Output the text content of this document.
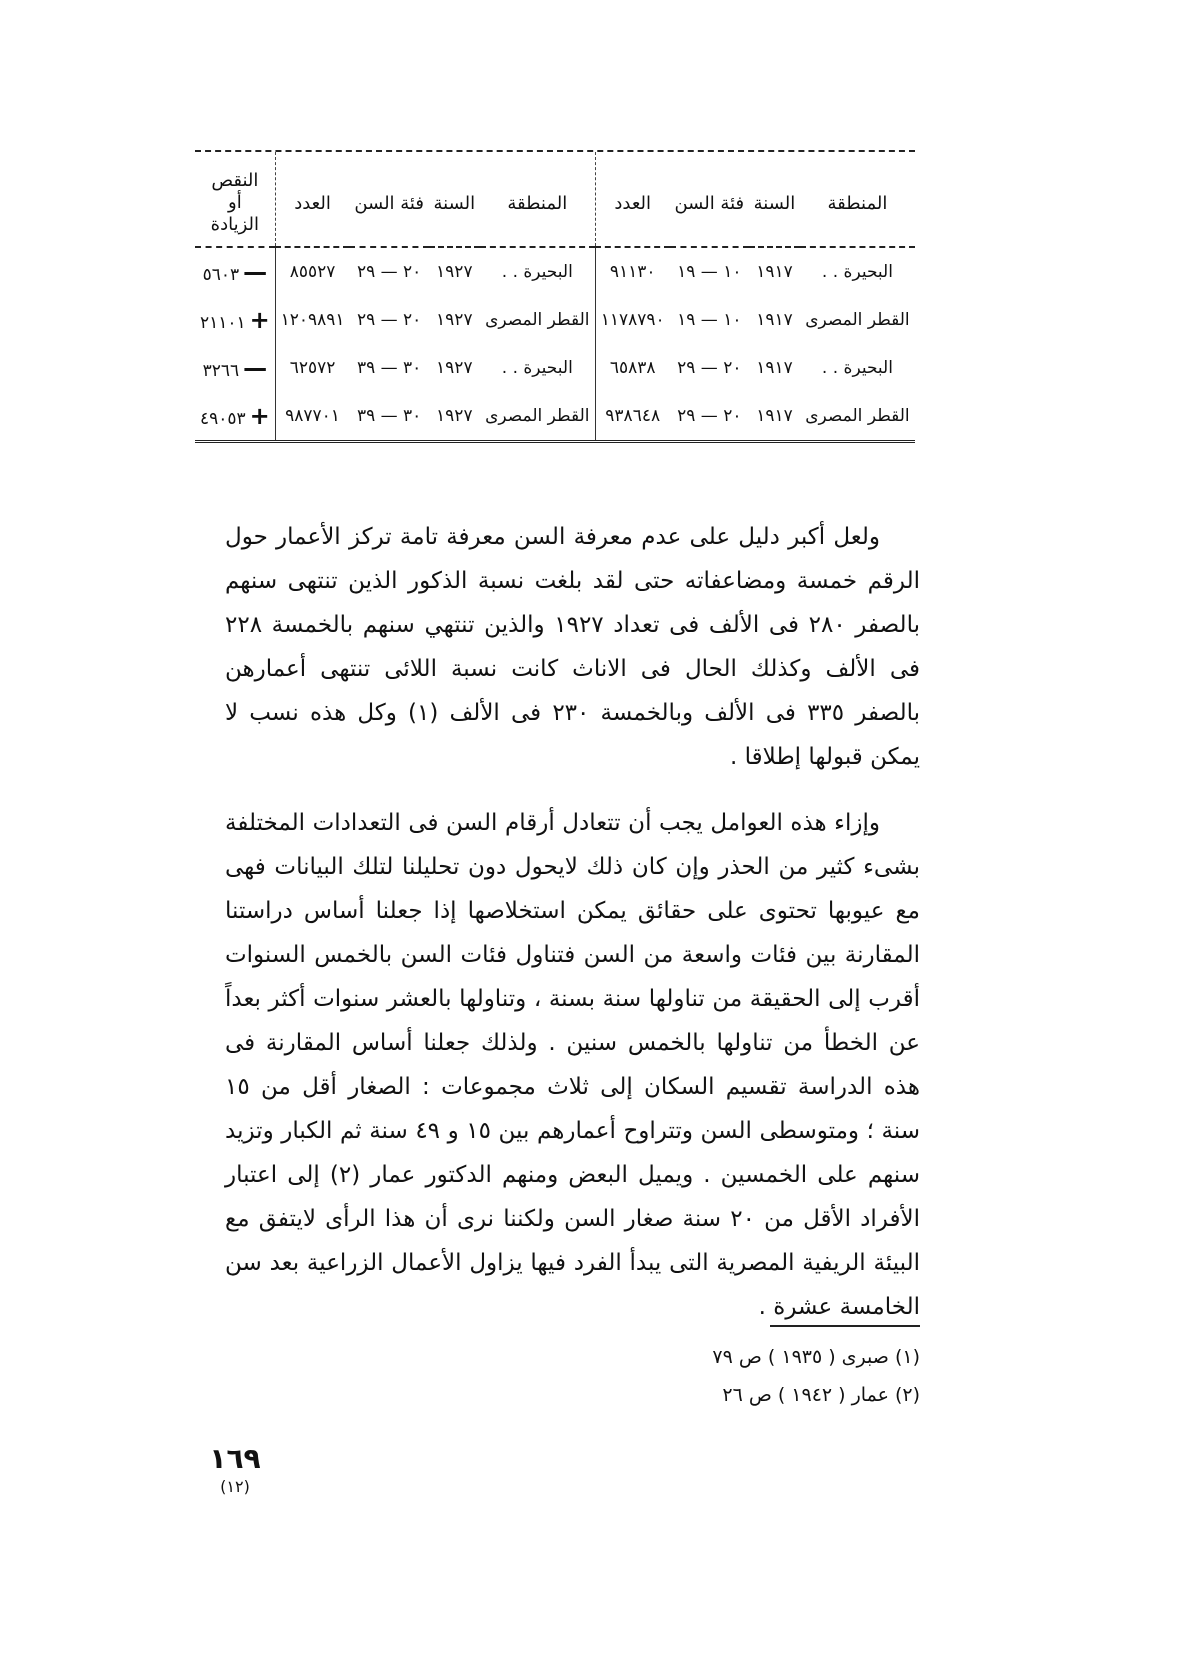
المنطقة	السنة	فئة السن	العدد	المنطقة	السنة	فئة السن	العدد	النقص
أو
الزيادة

البحيرة . .	١٩١٧	١٠ — ١٩	٩١١٣٠	البحيرة . .	١٩٢٧	٢٠ — ٢٩	٨٥٥٢٧	—٥٦٠٣
القطر المصرى	١٩١٧	١٠ — ١٩	١١٧٨٧٩٠	القطر المصرى	١٩٢٧	٢٠ — ٢٩	١٢٠٩٨٩١	+٢١١٠١
البحيرة . .	١٩١٧	٢٠ — ٢٩	٦٥٨٣٨	البحيرة . .	١٩٢٧	٣٠ — ٣٩	٦٢٥٧٢	—٣٢٦٦
القطر المصرى	١٩١٧	٢٠ — ٢٩	٩٣٨٦٤٨	القطر المصرى	١٩٢٧	٣٠ — ٣٩	٩٨٧٧٠١	+٤٩٠٥٣

ولعل أكبر دليل على عدم معرفة السن معرفة تامة تركز الأعمار حول الرقم خمسة ومضاعفاته حتى لقد بلغت نسبة الذكور الذين تنتهى سنهم بالصفر ٢٨٠ فى الألف فى تعداد ١٩٢٧ والذين تنتهي سنهم بالخمسة ٢٢٨ فى الألف وكذلك الحال فى الاناث كانت نسبة اللائى تنتهى أعمارهن بالصفر ٣٣٥ فى الألف وبالخمسة ٢٣٠ فى الألف (١) وكل هذه نسب لا يمكن قبولها إطلاقا .

وإزاء هذه العوامل يجب أن تتعادل أرقام السن فى التعدادات المختلفة بشىء كثير من الحذر وإن كان ذلك لايحول دون تحليلنا لتلك البيانات فهى مع عيوبها تحتوى على حقائق يمكن استخلاصها إذا جعلنا أساس دراستنا المقارنة بين فئات واسعة من السن فتناول فئات السن بالخمس السنوات أقرب إلى الحقيقة من تناولها سنة بسنة ، وتناولها بالعشر سنوات أكثر بعداً عن الخطأ من تناولها بالخمس سنين . ولذلك جعلنا أساس المقارنة فى هذه الدراسة تقسيم السكان إلى ثلاث مجموعات : الصغار أقل من ١٥ سنة ؛ ومتوسطى السن وتتراوح أعمارهم بين ١٥ و ٤٩ سنة ثم الكبار وتزيد سنهم على الخمسين . ويميل البعض ومنهم الدكتور عمار (٢) إلى اعتبار الأفراد الأقل من ٢٠ سنة صغار السن ولكننا نرى أن هذا الرأى لايتفق مع البيئة الريفية المصرية التى يبدأ الفرد فيها يزاول الأعمال الزراعية بعد سن الخامسة عشرة .

(١) صبرى ( ١٩٣٥ ) ص ٧٩
(٢) عمار ( ١٩٤٢ ) ص ٢٦
١٦٩
(١٢)
